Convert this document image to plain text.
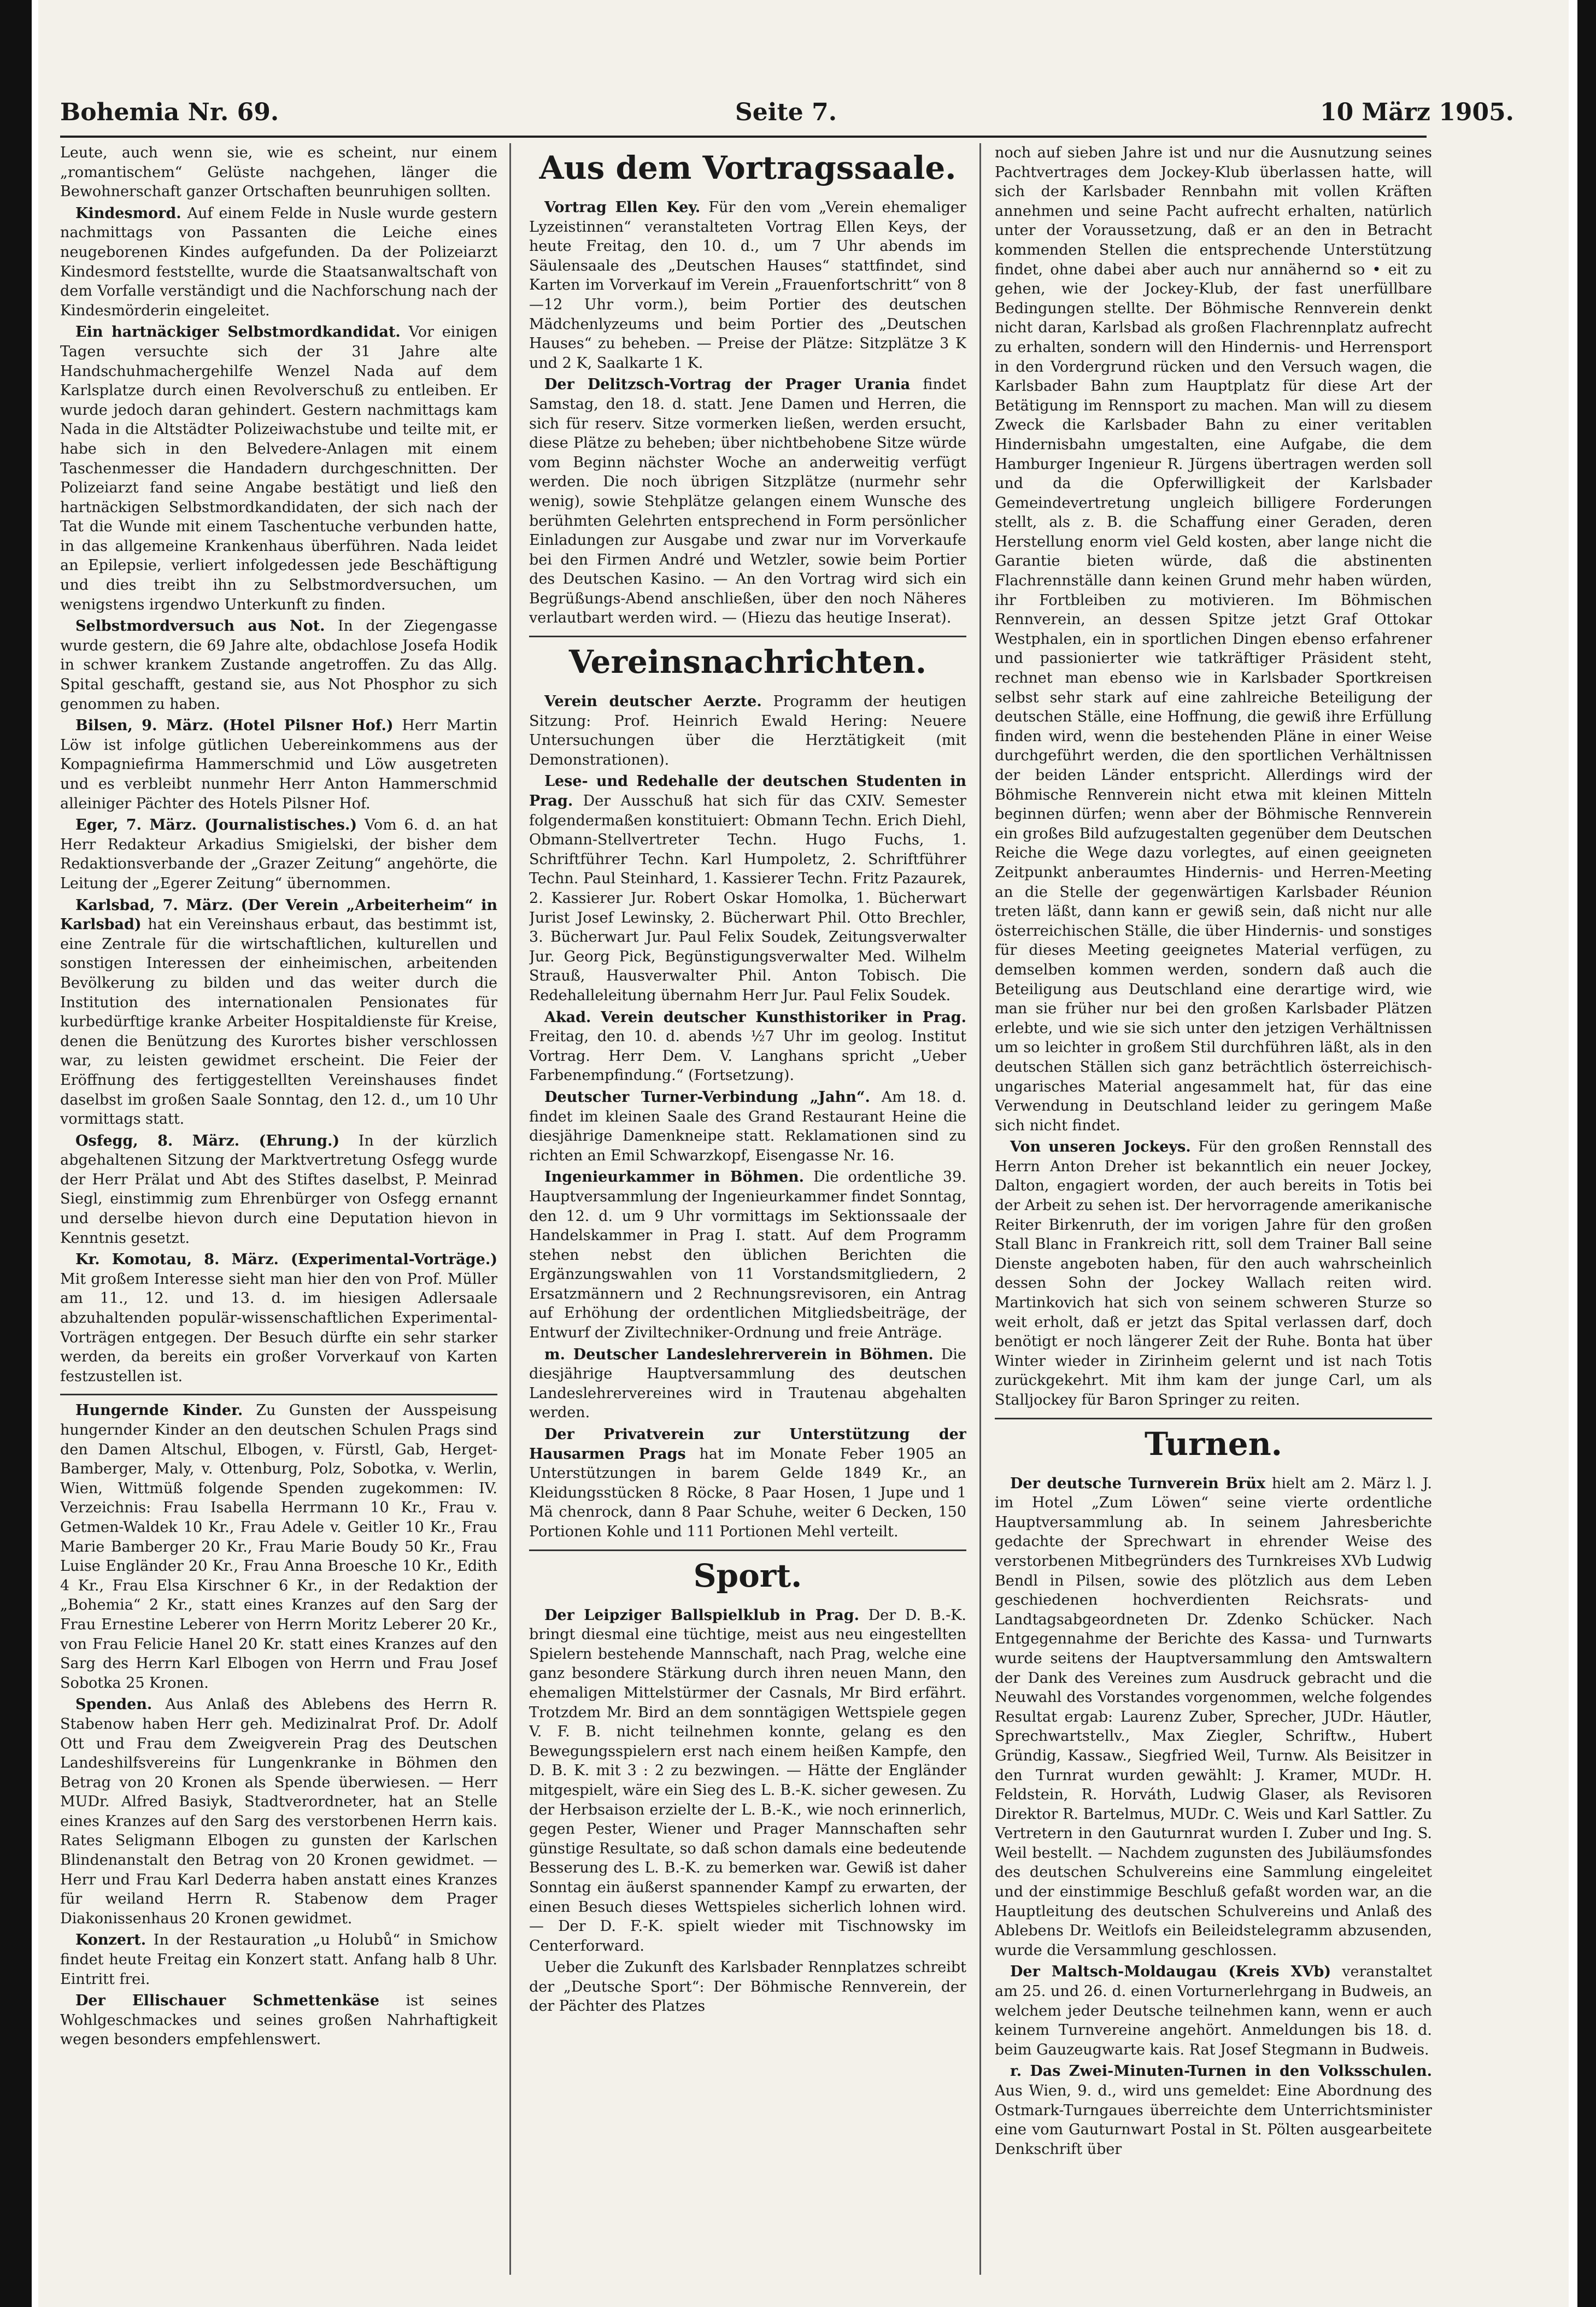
Bohemia Nr. 69.	Seite 7.	10 März 1905.

Leute, auch wenn sie, wie es scheint, nur einem „romantischem“ Gelüste nachgehen, länger die Bewohnerschaft ganzer Ortschaften beunruhigen sollten.

Kindesmord. Auf einem Felde in Nusle wurde gestern nachmittags von Passanten die Leiche eines neugeborenen Kindes aufgefunden. Da der Polizeiarzt Kindesmord feststellte, wurde die Staatsanwaltschaft von dem Vorfalle verständigt und die Nachforschung nach der Kindesmörderin eingeleitet.

Ein hartnäckiger Selbstmordkandidat. Vor einigen Tagen versuchte sich der 31 Jahre alte Handschuhmachergehilfe Wenzel Nada auf dem Karlsplatze durch einen Revolverschuß zu entleiben. Er wurde jedoch daran gehindert. Gestern nachmittags kam Nada in die Altstädter Polizeiwachstube und teilte mit, er habe sich in den Belvedere-Anlagen mit einem Taschenmesser die Handadern durchgeschnitten. Der Polizeiarzt fand seine Angabe bestätigt und ließ den hartnäckigen Selbstmordkandidaten, der sich nach der Tat die Wunde mit einem Taschentuche verbunden hatte, in das allgemeine Krankenhaus überführen. Nada leidet an Epilepsie, verliert infolgedessen jede Beschäftigung und dies treibt ihn zu Selbstmordversuchen, um wenigstens irgendwo Unterkunft zu finden.

Selbstmordversuch aus Not. In der Ziegengasse wurde gestern, die 69 Jahre alte, obdachlose Josefa Hodik in schwer krankem Zustande angetroffen. Zu das Allg. Spital geschafft, gestand sie, aus Not Phosphor zu sich genommen zu haben.

Bilsen, 9. März. (Hotel Pilsner Hof.) Herr Martin Löw ist infolge gütlichen Uebereinkommens aus der Kompagniefirma Hammerschmid und Löw ausgetreten und es verbleibt nunmehr Herr Anton Hammerschmid alleiniger Pächter des Hotels Pilsner Hof.

Eger, 7. März. (Journalistisches.) Vom 6. d. an hat Herr Redakteur Arkadius Smigielski, der bisher dem Redaktionsverbande der „Grazer Zeitung“ angehörte, die Leitung der „Egerer Zeitung“ übernommen.

Karlsbad, 7. März. (Der Verein „Arbeiterheim“ in Karlsbad) hat ein Vereinshaus erbaut, das bestimmt ist, eine Zentrale für die wirtschaftlichen, kulturellen und sonstigen Interessen der einheimischen, arbeitenden Bevölkerung zu bilden und das weiter durch die Institution des internationalen Pensionates für kurbedürftige kranke Arbeiter Hospitaldienste für Kreise, denen die Benützung des Kurortes bisher verschlossen war, zu leisten gewidmet erscheint. Die Feier der Eröffnung des fertiggestellten Vereinshauses findet daselbst im großen Saale Sonntag, den 12. d., um 10 Uhr vormittags statt.

Osfegg, 8. März. (Ehrung.) In der kürzlich abgehaltenen Sitzung der Marktvertretung Osfegg wurde der Herr Prälat und Abt des Stiftes daselbst, P. Meinrad Siegl, einstimmig zum Ehrenbürger von Osfegg ernannt und derselbe hievon durch eine Deputation hievon in Kenntnis gesetzt.

Kr. Komotau, 8. März. (Experimental-Vorträge.) Mit großem Interesse sieht man hier den von Prof. Müller am 11., 12. und 13. d. im hiesigen Adlersaale abzuhaltenden populär-wissenschaftlichen Experimental-Vorträgen entgegen. Der Besuch dürfte ein sehr starker werden, da bereits ein großer Vorverkauf von Karten festzustellen ist.

Hungernde Kinder. Zu Gunsten der Ausspeisung hungernder Kinder an den deutschen Schulen Prags sind den Damen Altschul, Elbogen, v. Fürstl, Gab, Herget-Bamberger, Maly, v. Ottenburg, Polz, Sobotka, v. Werlin, Wien, Wittmüß folgende Spenden zugekommen: IV. Verzeichnis: Frau Isabella Herrmann 10 Kr., Frau v. Getmen-Waldek 10 Kr., Frau Adele v. Geitler 10 Kr., Frau Marie Bamberger 20 Kr., Frau Marie Boudy 50 Kr., Frau Luise Engländer 20 Kr., Frau Anna Broesche 10 Kr., Edith 4 Kr., Frau Elsa Kirschner 6 Kr., in der Redaktion der „Bohemia“ 2 Kr., statt eines Kranzes auf den Sarg der Frau Ernestine Leberer von Herrn Moritz Leberer 20 Kr., von Frau Felicie Hanel 20 Kr. statt eines Kranzes auf den Sarg des Herrn Karl Elbogen von Herrn und Frau Josef Sobotka 25 Kronen.

Spenden. Aus Anlaß des Ablebens des Herrn R. Stabenow haben Herr geh. Medizinalrat Prof. Dr. Adolf Ott und Frau dem Zweigverein Prag des Deutschen Landeshilfsvereins für Lungenkranke in Böhmen den Betrag von 20 Kronen als Spende überwiesen. — Herr MUDr. Alfred Basiyk, Stadtverordneter, hat an Stelle eines Kranzes auf den Sarg des verstorbenen Herrn kais. Rates Seligmann Elbogen zu gunsten der Karlschen Blindenanstalt den Betrag von 20 Kronen gewidmet. — Herr und Frau Karl Dederra haben anstatt eines Kranzes für weiland Herrn R. Stabenow dem Prager Diakonissenhaus 20 Kronen gewidmet.

Konzert. In der Restauration „u Holubů“ in Smichow findet heute Freitag ein Konzert statt. Anfang halb 8 Uhr. Eintritt frei.

Der Ellischauer Schmettenkäse ist seines Wohlgeschmackes und seines großen Nahrhaftigkeit wegen besonders empfehlenswert.

Aus dem Vortragssaale.

Vortrag Ellen Key. Für den vom „Verein ehemaliger Lyzeistinnen“ veranstalteten Vortrag Ellen Keys, der heute Freitag, den 10. d., um 7 Uhr abends im Säulensaale des „Deutschen Hauses“ stattfindet, sind Karten im Vorverkauf im Verein „Frauenfortschritt“ von 8—12 Uhr vorm.), beim Portier des deutschen Mädchenlyzeums und beim Portier des „Deutschen Hauses“ zu beheben. — Preise der Plätze: Sitzplätze 3 K und 2 K, Saalkarte 1 K.

Der Delitzsch-Vortrag der Prager Urania findet Samstag, den 18. d. statt. Jene Damen und Herren, die sich für reserv. Sitze vormerken ließen, werden ersucht, diese Plätze zu beheben; über nichtbehobene Sitze würde vom Beginn nächster Woche an anderweitig verfügt werden. Die noch übrigen Sitzplätze (nurmehr sehr wenig), sowie Stehplätze gelangen einem Wunsche des berühmten Gelehrten entsprechend in Form persönlicher Einladungen zur Ausgabe und zwar nur im Vorverkaufe bei den Firmen André und Wetzler, sowie beim Portier des Deutschen Kasino. — An den Vortrag wird sich ein Begrüßungs-Abend anschließen, über den noch Näheres verlautbart werden wird. — (Hiezu das heutige Inserat).

Vereinsnachrichten.

Verein deutscher Aerzte. Programm der heutigen Sitzung: Prof. Heinrich Ewald Hering: Neuere Untersuchungen über die Herztätigkeit (mit Demonstrationen).

Lese- und Redehalle der deutschen Studenten in Prag. Der Ausschuß hat sich für das CXIV. Semester folgendermaßen konstituiert: Obmann Techn. Erich Diehl, Obmann-Stellvertreter Techn. Hugo Fuchs, 1. Schriftführer Techn. Karl Humpoletz, 2. Schriftführer Techn. Paul Steinhard, 1. Kassierer Techn. Fritz Pazaurek, 2. Kassierer Jur. Robert Oskar Homolka, 1. Bücherwart Jurist Josef Lewinsky, 2. Bücherwart Phil. Otto Brechler, 3. Bücherwart Jur. Paul Felix Soudek, Zeitungsverwalter Jur. Georg Pick, Begünstigungsverwalter Med. Wilhelm Strauß, Hausverwalter Phil. Anton Tobisch. Die Redehalleleitung übernahm Herr Jur. Paul Felix Soudek.

Akad. Verein deutscher Kunsthistoriker in Prag. Freitag, den 10. d. abends ½7 Uhr im geolog. Institut Vortrag. Herr Dem. V. Langhans spricht „Ueber Farbenempfindung.“ (Fortsetzung).

Deutscher Turner-Verbindung „Jahn“. Am 18. d. findet im kleinen Saale des Grand Restaurant Heine die diesjährige Damenkneipe statt. Reklamationen sind zu richten an Emil Schwarzkopf, Eisengasse Nr. 16.

Ingenieurkammer in Böhmen. Die ordentliche 39. Hauptversammlung der Ingenieurkammer findet Sonntag, den 12. d. um 9 Uhr vormittags im Sektionssaale der Handelskammer in Prag I. statt. Auf dem Programm stehen nebst den üblichen Berichten die Ergänzungswahlen von 11 Vorstandsmitgliedern, 2 Ersatzmännern und 2 Rechnungsrevisoren, ein Antrag auf Erhöhung der ordentlichen Mitgliedsbeiträge, der Entwurf der Ziviltechniker-Ordnung und freie Anträge.

m. Deutscher Landeslehrerverein in Böhmen. Die diesjährige Hauptversammlung des deutschen Landeslehrervereines wird in Trautenau abgehalten werden.

Der Privatverein zur Unterstützung der Hausarmen Prags hat im Monate Feber 1905 an Unterstützungen in barem Gelde 1849 Kr., an Kleidungsstücken 8 Röcke, 8 Paar Hosen, 1 Jupe und 1 Mä chenrock, dann 8 Paar Schuhe, weiter 6 Decken, 150 Portionen Kohle und 111 Portionen Mehl verteilt.

Sport.

Der Leipziger Ballspielklub in Prag. Der D. B.-K. bringt diesmal eine tüchtige, meist aus neu eingestellten Spielern bestehende Mannschaft, nach Prag, welche eine ganz besondere Stärkung durch ihren neuen Mann, den ehemaligen Mittelstürmer der Casnals, Mr Bird erfährt. Trotzdem Mr. Bird an dem sonntägigen Wettspiele gegen V. F. B. nicht teilnehmen konnte, gelang es den Bewegungsspielern erst nach einem heißen Kampfe, den D. B. K. mit 3 : 2 zu bezwingen. — Hätte der Engländer mitgespielt, wäre ein Sieg des L. B.-K. sicher gewesen. Zu der Herbsaison erzielte der L. B.-K., wie noch erinnerlich, gegen Pester, Wiener und Prager Mannschaften sehr günstige Resultate, so daß schon damals eine bedeutende Besserung des L. B.-K. zu bemerken war. Gewiß ist daher Sonntag ein äußerst spannender Kampf zu erwarten, der einen Besuch dieses Wettspieles sicherlich lohnen wird. — Der D. F.-K. spielt wieder mit Tischnowsky im Centerforward.

Ueber die Zukunft des Karlsbader Rennplatzes schreibt der „Deutsche Sport“: Der Böhmische Rennverein, der der Pächter des Platzes

noch auf sieben Jahre ist und nur die Ausnutzung seines Pachtvertrages dem Jockey-Klub überlassen hatte, will sich der Karlsbader Rennbahn mit vollen Kräften annehmen und seine Pacht aufrecht erhalten, natürlich unter der Voraussetzung, daß er an den in Betracht kommenden Stellen die entsprechende Unterstützung findet, ohne dabei aber auch nur annähernd so • eit zu gehen, wie der Jockey-Klub, der fast unerfüllbare Bedingungen stellte. Der Böhmische Rennverein denkt nicht daran, Karlsbad als großen Flachrennplatz aufrecht zu erhalten, sondern will den Hindernis- und Herrensport in den Vordergrund rücken und den Versuch wagen, die Karlsbader Bahn zum Hauptplatz für diese Art der Betätigung im Rennsport zu machen. Man will zu diesem Zweck die Karlsbader Bahn zu einer veritablen Hindernisbahn umgestalten, eine Aufgabe, die dem Hamburger Ingenieur R. Jürgens übertragen werden soll und da die Opferwilligkeit der Karlsbader Gemeindevertretung ungleich billigere Forderungen stellt, als z. B. die Schaffung einer Geraden, deren Herstellung enorm viel Geld kosten, aber lange nicht die Garantie bieten würde, daß die abstinenten Flachrennställe dann keinen Grund mehr haben würden, ihr Fortbleiben zu motivieren. Im Böhmischen Rennverein, an dessen Spitze jetzt Graf Ottokar Westphalen, ein in sportlichen Dingen ebenso erfahrener und passionierter wie tatkräftiger Präsident steht, rechnet man ebenso wie in Karlsbader Sportkreisen selbst sehr stark auf eine zahlreiche Beteiligung der deutschen Ställe, eine Hoffnung, die gewiß ihre Erfüllung finden wird, wenn die bestehenden Pläne in einer Weise durchgeführt werden, die den sportlichen Verhältnissen der beiden Länder entspricht. Allerdings wird der Böhmische Rennverein nicht etwa mit kleinen Mitteln beginnen dürfen; wenn aber der Böhmische Rennverein ein großes Bild aufzugestalten gegenüber dem Deutschen Reiche die Wege dazu vorlegtes, auf einen geeigneten Zeitpunkt anberaumtes Hindernis- und Herren-Meeting an die Stelle der gegenwärtigen Karlsbader Réunion treten läßt, dann kann er gewiß sein, daß nicht nur alle österreichischen Ställe, die über Hindernis- und sonstiges für dieses Meeting geeignetes Material verfügen, zu demselben kommen werden, sondern daß auch die Beteiligung aus Deutschland eine derartige wird, wie man sie früher nur bei den großen Karlsbader Plätzen erlebte, und wie sie sich unter den jetzigen Verhältnissen um so leichter in großem Stil durchführen läßt, als in den deutschen Ställen sich ganz beträchtlich österreichisch-ungarisches Material angesammelt hat, für das eine Verwendung in Deutschland leider zu geringem Maße sich nicht findet.

Von unseren Jockeys. Für den großen Rennstall des Herrn Anton Dreher ist bekanntlich ein neuer Jockey, Dalton, engagiert worden, der auch bereits in Totis bei der Arbeit zu sehen ist. Der hervorragende amerikanische Reiter Birkenruth, der im vorigen Jahre für den großen Stall Blanc in Frankreich ritt, soll dem Trainer Ball seine Dienste angeboten haben, für den auch wahrscheinlich dessen Sohn der Jockey Wallach reiten wird. Martinkovich hat sich von seinem schweren Sturze so weit erholt, daß er jetzt das Spital verlassen darf, doch benötigt er noch längerer Zeit der Ruhe. Bonta hat über Winter wieder in Zirinheim gelernt und ist nach Totis zurückgekehrt. Mit ihm kam der junge Carl, um als Stalljockey für Baron Springer zu reiten.

Turnen.

Der deutsche Turnverein Brüx hielt am 2. März l. J. im Hotel „Zum Löwen“ seine vierte ordentliche Hauptversammlung ab. In seinem Jahresberichte gedachte der Sprechwart in ehrender Weise des verstorbenen Mitbegründers des Turnkreises XVb Ludwig Bendl in Pilsen, sowie des plötzlich aus dem Leben geschiedenen hochverdienten Reichsrats- und Landtagsabgeordneten Dr. Zdenko Schücker. Nach Entgegennahme der Berichte des Kassa- und Turnwarts wurde seitens der Hauptversammlung den Amtswaltern der Dank des Vereines zum Ausdruck gebracht und die Neuwahl des Vorstandes vorgenommen, welche folgendes Resultat ergab: Laurenz Zuber, Sprecher, JUDr. Häutler, Sprechwartstellv., Max Ziegler, Schriftw., Hubert Gründig, Kassaw., Siegfried Weil, Turnw. Als Beisitzer in den Turnrat wurden gewählt: J. Kramer, MUDr. H. Feldstein, R. Horváth, Ludwig Glaser, als Revisoren Direktor R. Bartelmus, MUDr. C. Weis und Karl Sattler. Zu Vertretern in den Gauturnrat wurden I. Zuber und Ing. S. Weil bestellt. — Nachdem zugunsten des Jubiläumsfondes des deutschen Schulvereins eine Sammlung eingeleitet und der einstimmige Beschluß gefaßt worden war, an die Hauptleitung des deutschen Schulvereins und Anlaß des Ablebens Dr. Weitlofs ein Beileidstelegramm abzusenden, wurde die Versammlung geschlossen.

Der Maltsch-Moldaugau (Kreis XVb) veranstaltet am 25. und 26. d. einen Vorturnerlehrgang in Budweis, an welchem jeder Deutsche teilnehmen kann, wenn er auch keinem Turnvereine angehört. Anmeldungen bis 18. d. beim Gauzeugwarte kais. Rat Josef Stegmann in Budweis.

r. Das Zwei-Minuten-Turnen in den Volksschulen. Aus Wien, 9. d., wird uns gemeldet: Eine Abordnung des Ostmark-Turngaues überreichte dem Unterrichtsminister eine vom Gauturnwart Postal in St. Pölten ausgearbeitete Denkschrift über
